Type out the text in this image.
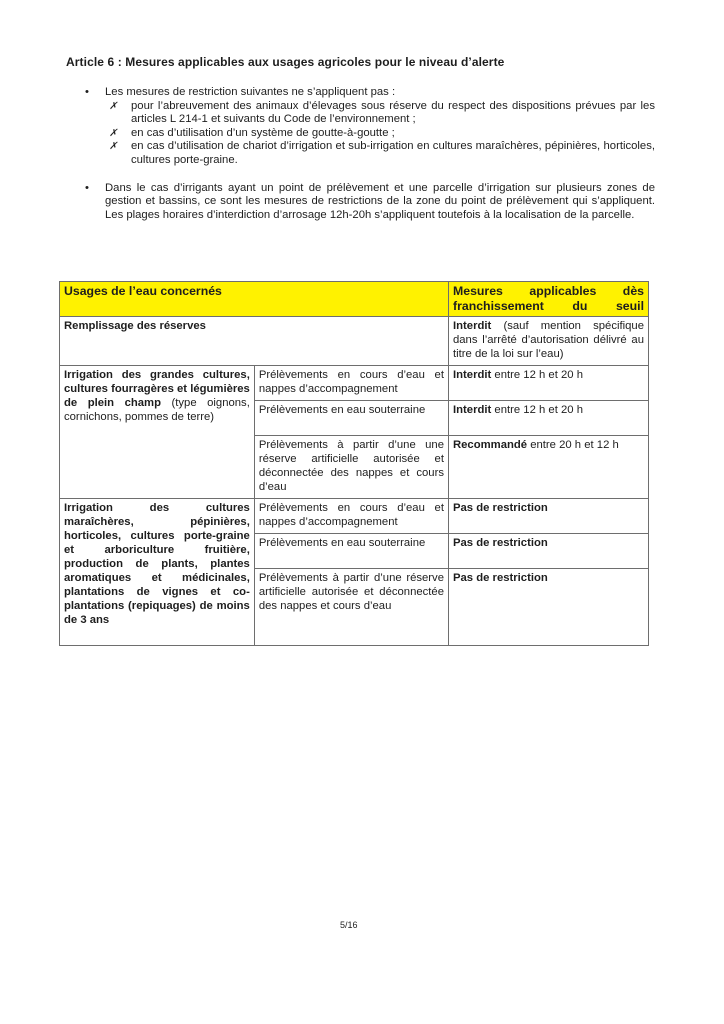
Article 6 : Mesures applicables aux usages agricoles pour le niveau d’alerte
• Les mesures de restriction suivantes ne s’appliquent pas :
✗ pour l’abreuvement des animaux d’élevages sous réserve du respect des dispositions prévues par les articles L 214-1 et suivants du Code de l’environnement ;
✗ en cas d’utilisation d’un système de goutte-à-goutte ;
✗ en cas d’utilisation de chariot d’irrigation et sub-irrigation en cultures maraîchères, pépinières, horticoles, cultures porte-graine.
• Dans le cas d’irrigants ayant un point de prélèvement et une parcelle d’irrigation sur plusieurs zones de gestion et bassins, ce sont les mesures de restrictions de la zone du point de prélèvement qui s’appliquent. Les plages horaires d’interdiction d’arrosage 12h-20h s’appliquent toutefois à la localisation de la parcelle.
Usages de l’eau concernés		Mesures applicables dès franchissement du seuil
Remplissage des réserves		Interdit (sauf mention spécifique dans l’arrêté d’autorisation délivré au titre de la loi sur l’eau)
Irrigation des grandes cultures, cultures fourragères et légumières de plein champ (type oignons, cornichons, pommes de terre)	Prélèvements en cours d’eau et nappes d’accompagnement	Interdit entre 12 h et 20 h
	Prélèvements en eau souterraine	Interdit entre 12 h et 20 h
	Prélèvements à partir d’une une réserve artificielle autorisée et déconnectée des nappes et cours d’eau	Recommandé entre 20 h et 12 h
Irrigation des cultures maraîchères, pépinières, horticoles, cultures porte-graine et arboriculture fruitière, production de plants, plantes aromatiques et médicinales, plantations de vignes et co-plantations (repiquages) de moins de 3 ans	Prélèvements en cours d’eau et nappes d’accompagnement	Pas de restriction
	Prélèvements en eau souterraine	Pas de restriction
	Prélèvements à partir d’une réserve artificielle autorisée et déconnectée des nappes et cours d’eau	Pas de restriction
5/16
